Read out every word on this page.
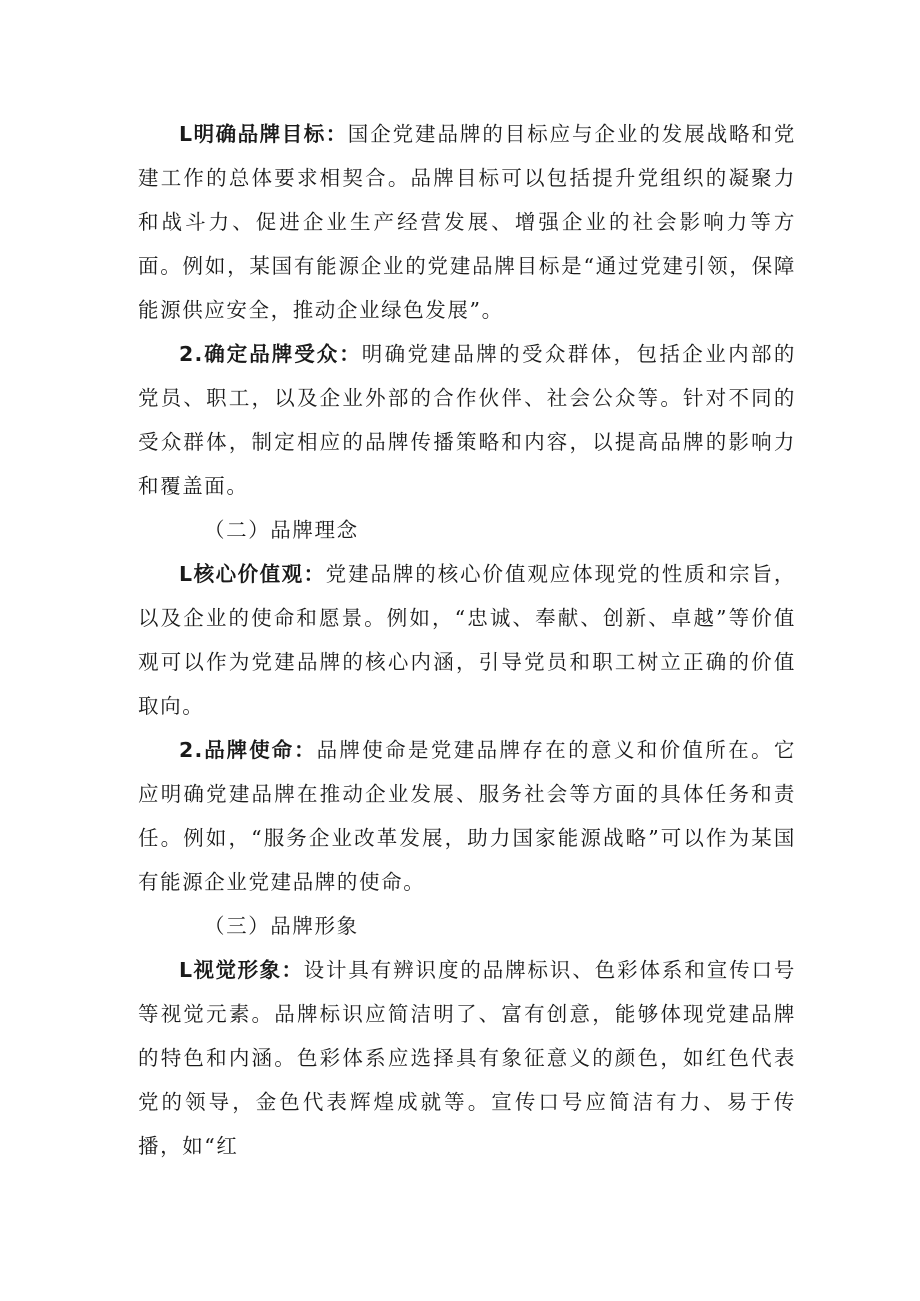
L明确品牌目标：国企党建品牌的目标应与企业的发展战略和党建工作的总体要求相契合。品牌目标可以包括提升党组织的凝聚力和战斗力、促进企业生产经营发展、增强企业的社会影响力等方面。例如，某国有能源企业的党建品牌目标是“通过党建引领，保障能源供应安全，推动企业绿色发展”。

2.确定品牌受众：明确党建品牌的受众群体，包括企业内部的党员、职工，以及企业外部的合作伙伴、社会公众等。针对不同的受众群体，制定相应的品牌传播策略和内容，以提高品牌的影响力和覆盖面。

（二）品牌理念

L核心价值观：党建品牌的核心价值观应体现党的性质和宗旨，以及企业的使命和愿景。例如，“忠诚、奉献、创新、卓越”等价值观可以作为党建品牌的核心内涵，引导党员和职工树立正确的价值取向。

2.品牌使命：品牌使命是党建品牌存在的意义和价值所在。它应明确党建品牌在推动企业发展、服务社会等方面的具体任务和责任。例如，“服务企业改革发展，助力国家能源战略”可以作为某国有能源企业党建品牌的使命。

（三）品牌形象

L视觉形象：设计具有辨识度的品牌标识、色彩体系和宣传口号等视觉元素。品牌标识应简洁明了、富有创意，能够体现党建品牌的特色和内涵。色彩体系应选择具有象征意义的颜色，如红色代表党的领导，金色代表辉煌成就等。宣传口号应简洁有力、易于传播，如“红
